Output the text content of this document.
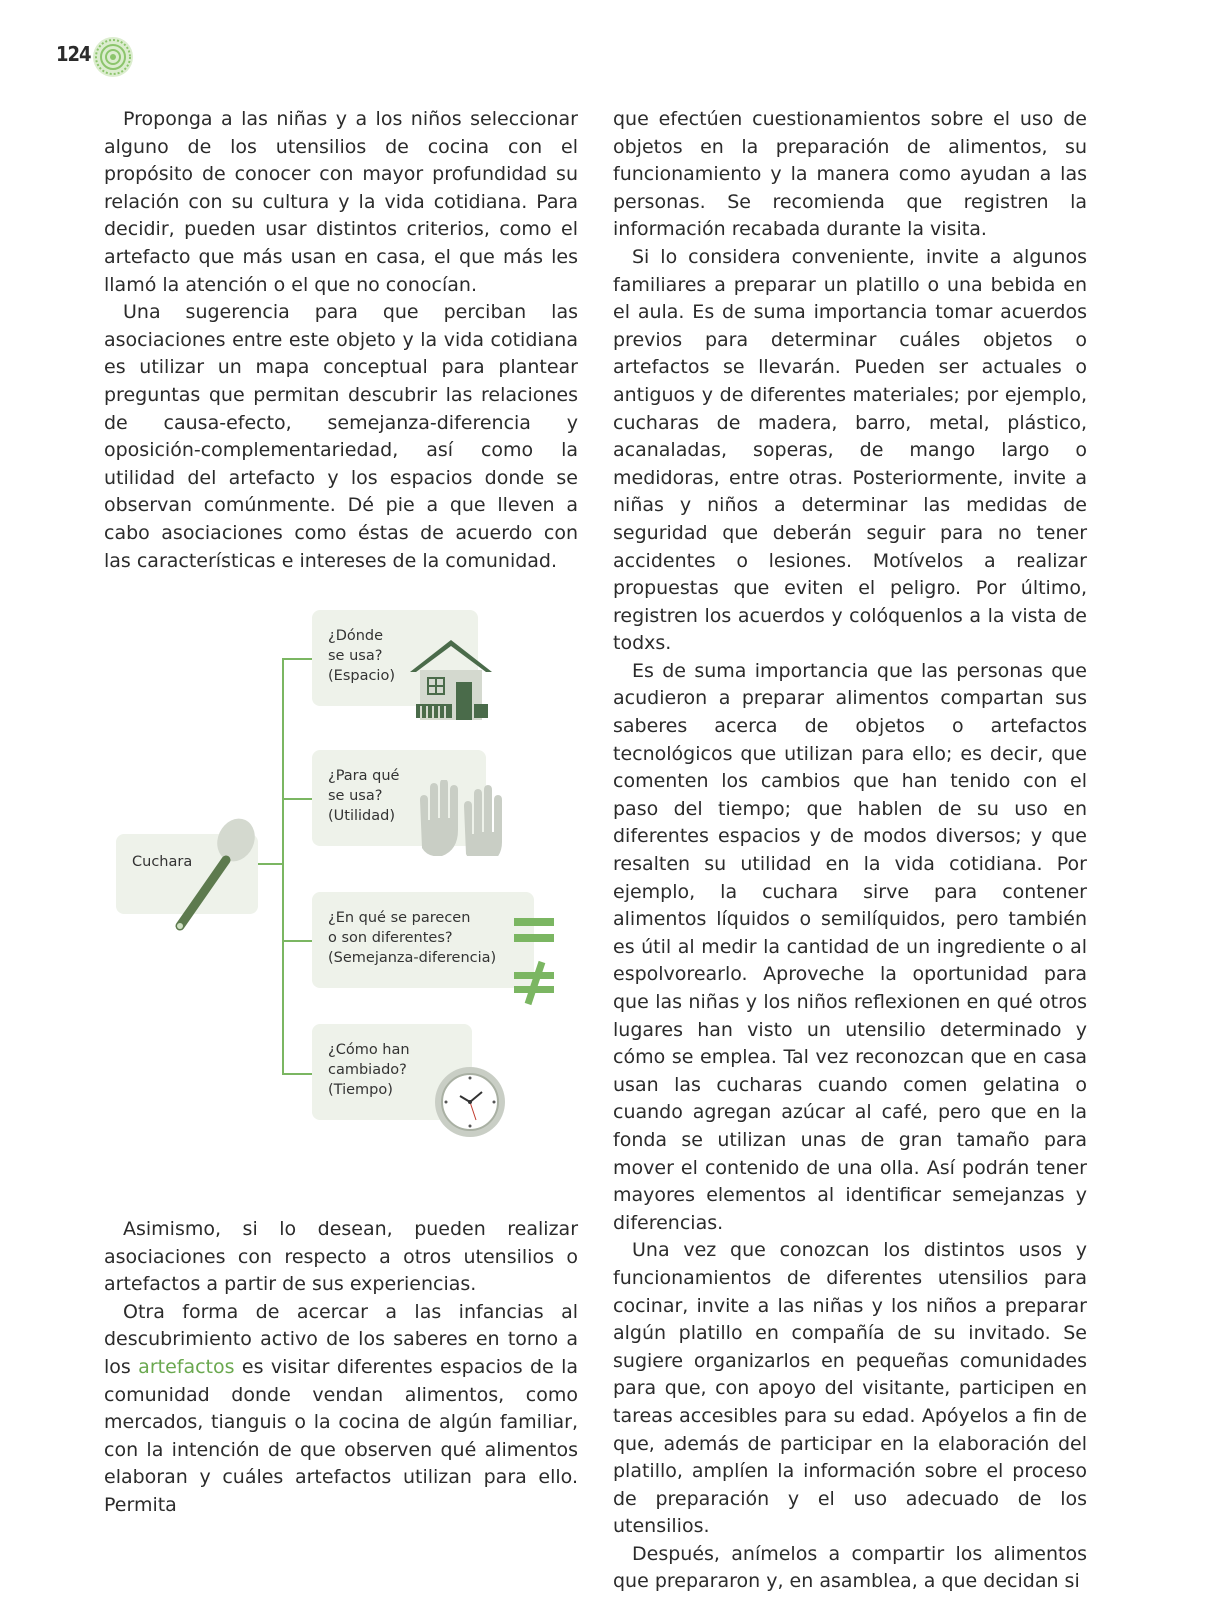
124

Proponga a las niñas y a los niños seleccionar alguno de los utensilios de cocina con el propósito de conocer con mayor profundidad su relación con su cultura y la vida cotidiana. Para decidir, pueden usar distintos criterios, como el artefacto que más usan en casa, el que más les llamó la atención o el que no conocían.

Una sugerencia para que perciban las asociaciones entre este objeto y la vida cotidiana es utilizar un mapa conceptual para plantear preguntas que permitan descubrir las relaciones de causa-efecto, semejanza-diferencia y oposición-complementariedad, así como la utilidad del artefacto y los espacios donde se observan comúnmente. Dé pie a que lleven a cabo asociaciones como éstas de acuerdo con las características e intereses de la comunidad.

Cuchara
¿Dónde
se usa?
(Espacio)
¿Para qué
se usa?
(Utilidad)
¿En qué se parecen
o son diferentes?
(Semejanza-diferencia)
¿Cómo han
cambiado?
(Tiempo)

Asimismo, si lo desean, pueden realizar asociaciones con respecto a otros utensilios o artefactos a partir de sus experiencias.

Otra forma de acercar a las infancias al descubrimiento activo de los saberes en torno a los artefactos es visitar diferentes espacios de la comunidad donde vendan alimentos, como mercados, tianguis o la cocina de algún familiar, con la intención de que observen qué alimentos elaboran y cuáles artefactos utilizan para ello. Permita

que efectúen cuestionamientos sobre el uso de objetos en la preparación de alimentos, su funcionamiento y la manera como ayudan a las personas. Se recomienda que registren la información recabada durante la visita.

Si lo considera conveniente, invite a algunos familiares a preparar un platillo o una bebida en el aula. Es de suma importancia tomar acuerdos previos para determinar cuáles objetos o artefactos se llevarán. Pueden ser actuales o antiguos y de diferentes materiales; por ejemplo, cucharas de madera, barro, metal, plástico, acanaladas, soperas, de mango largo o medidoras, entre otras. Posteriormente, invite a niñas y niños a determinar las medidas de seguridad que deberán seguir para no tener accidentes o lesiones. Motívelos a realizar propuestas que eviten el peligro. Por último, registren los acuerdos y colóquenlos a la vista de todxs.

Es de suma importancia que las personas que acudieron a preparar alimentos compartan sus saberes acerca de objetos o artefactos tecnológicos que utilizan para ello; es decir, que comenten los cambios que han tenido con el paso del tiempo; que hablen de su uso en diferentes espacios y de modos diversos; y que resalten su utilidad en la vida cotidiana. Por ejemplo, la cuchara sirve para contener alimentos líquidos o semilíquidos, pero también es útil al medir la cantidad de un ingrediente o al espolvorearlo. Aproveche la oportunidad para que las niñas y los niños reflexionen en qué otros lugares han visto un utensilio determinado y cómo se emplea. Tal vez reconozcan que en casa usan las cucharas cuando comen gelatina o cuando agregan azúcar al café, pero que en la fonda se utilizan unas de gran tamaño para mover el contenido de una olla. Así podrán tener mayores elementos al identificar semejanzas y diferencias.

Una vez que conozcan los distintos usos y funcionamientos de diferentes utensilios para cocinar, invite a las niñas y los niños a preparar algún platillo en compañía de su invitado. Se sugiere organizarlos en pequeñas comunidades para que, con apoyo del visitante, participen en tareas accesibles para su edad. Apóyelos a fin de que, además de participar en la elaboración del platillo, amplíen la información sobre el proceso de preparación y el uso adecuado de los utensilios.

Después, anímelos a compartir los alimentos que prepararon y, en asamblea, a que decidan si
